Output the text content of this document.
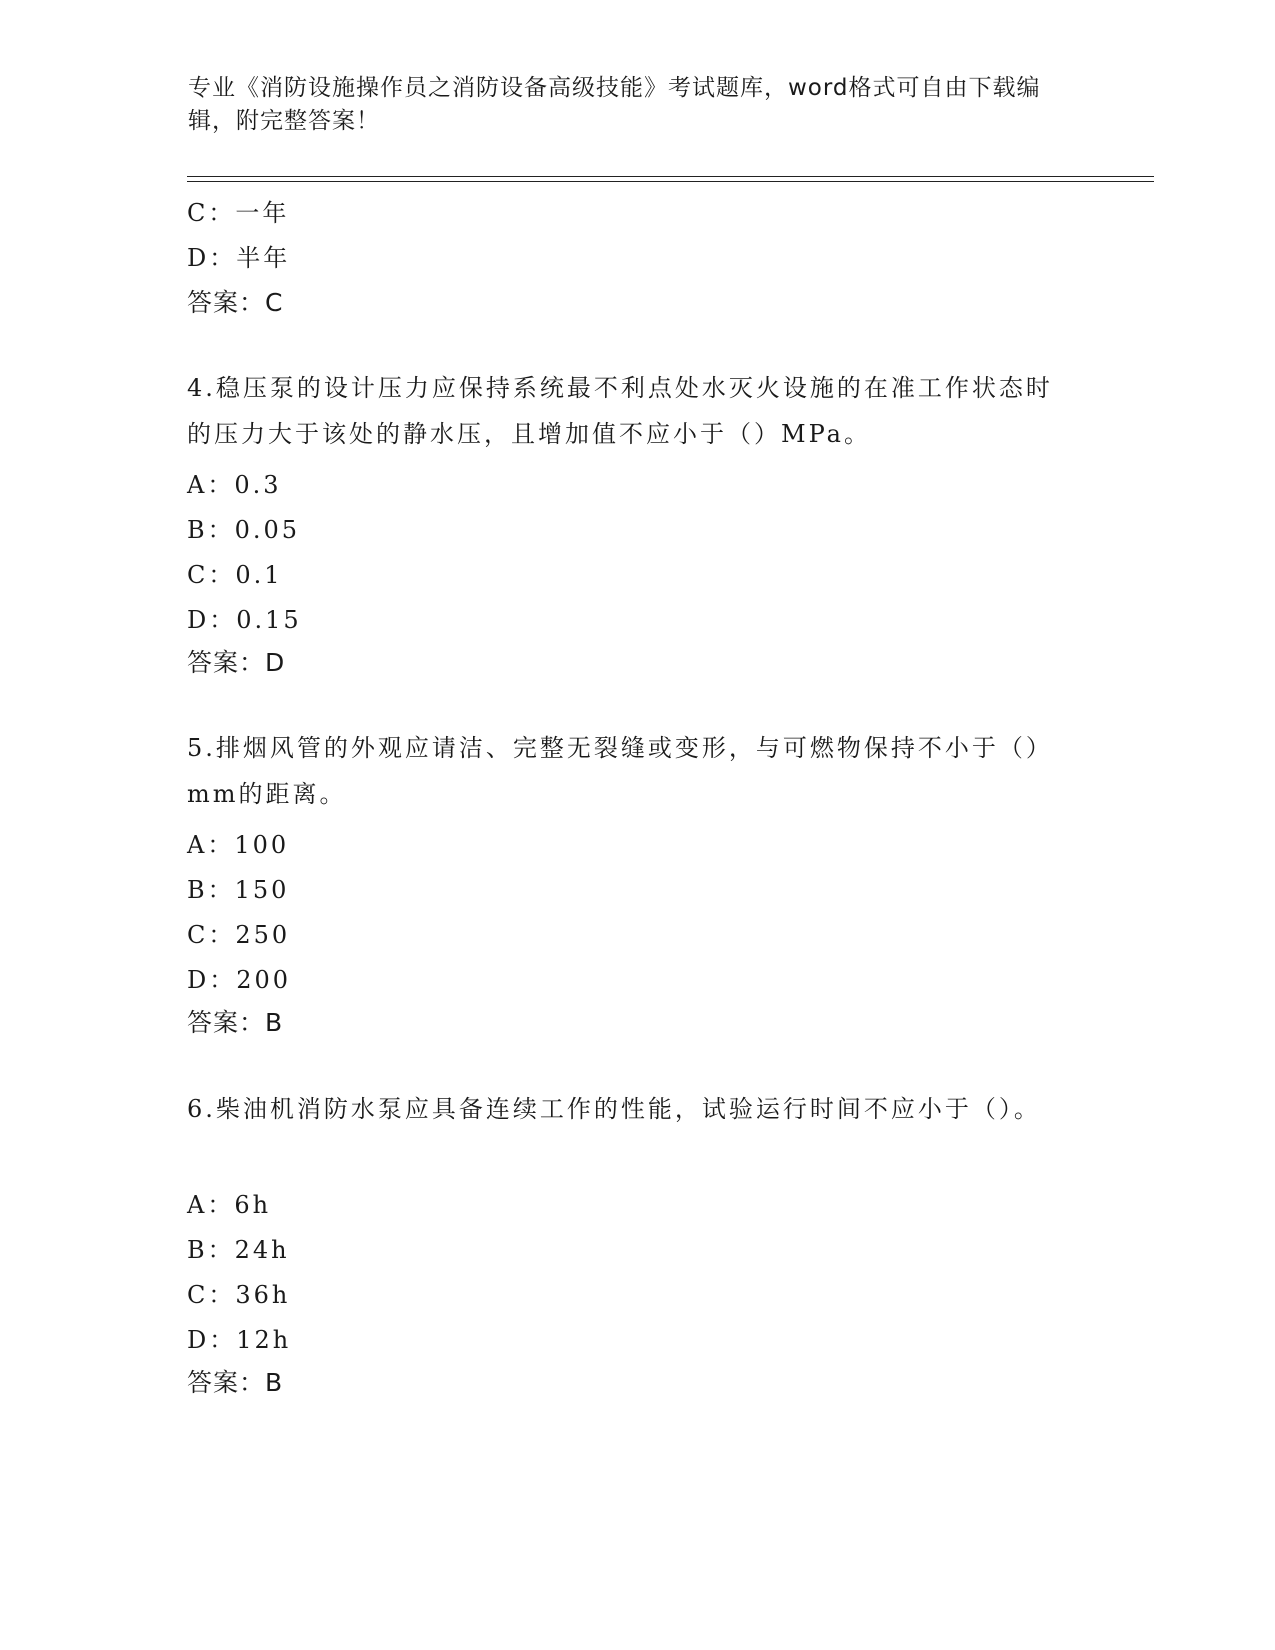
专业《消防设施操作员之消防设备高级技能》考试题库，word格式可自由下载编辑，附完整答案！
C：一年
D：半年
答案：C
4.稳压泵的设计压力应保持系统最不利点处水灭火设施的在准工作状态时的压力大于该处的静水压，且增加值不应小于（）MPa。
A：0.3
B：0.05
C：0.1
D：0.15
答案：D
5.排烟风管的外观应请洁、完整无裂缝或变形，与可燃物保持不小于（）mm的距离。
A：100
B：150
C：250
D：200
答案：B
6.柴油机消防水泵应具备连续工作的性能，试验运行时间不应小于（）。
A：6h
B：24h
C：36h
D：12h
答案：B
